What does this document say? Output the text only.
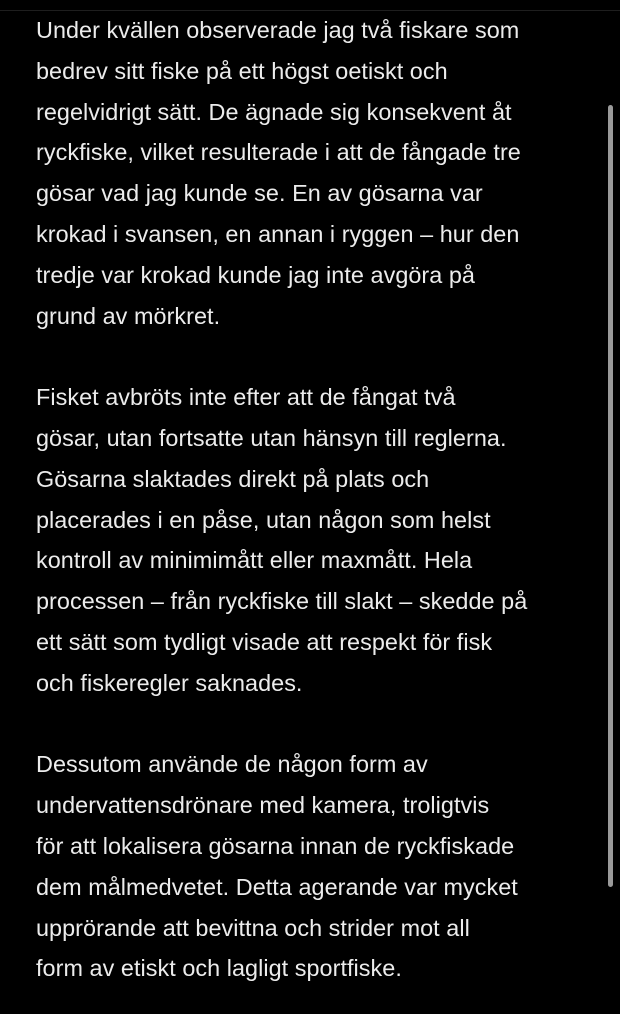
Under kvällen observerade jag två fiskare som
bedrev sitt fiske på ett högst oetiskt och
regelvidrigt sätt. De ägnade sig konsekvent åt
ryckfiske, vilket resulterade i att de fångade tre
gösar vad jag kunde se. En av gösarna var
krokad i svansen, en annan i ryggen – hur den
tredje var krokad kunde jag inte avgöra på
grund av mörkret.

Fisket avbröts inte efter att de fångat två
gösar, utan fortsatte utan hänsyn till reglerna.
Gösarna slaktades direkt på plats och
placerades i en påse, utan någon som helst
kontroll av minimimått eller maxmått. Hela
processen – från ryckfiske till slakt – skedde på
ett sätt som tydligt visade att respekt för fisk
och fiskeregler saknades.

Dessutom använde de någon form av
undervattensdrönare med kamera, troligtvis
för att lokalisera gösarna innan de ryckfiskade
dem målmedvetet. Detta agerande var mycket
upprörande att bevittna och strider mot all
form av etiskt och lagligt sportfiske.
